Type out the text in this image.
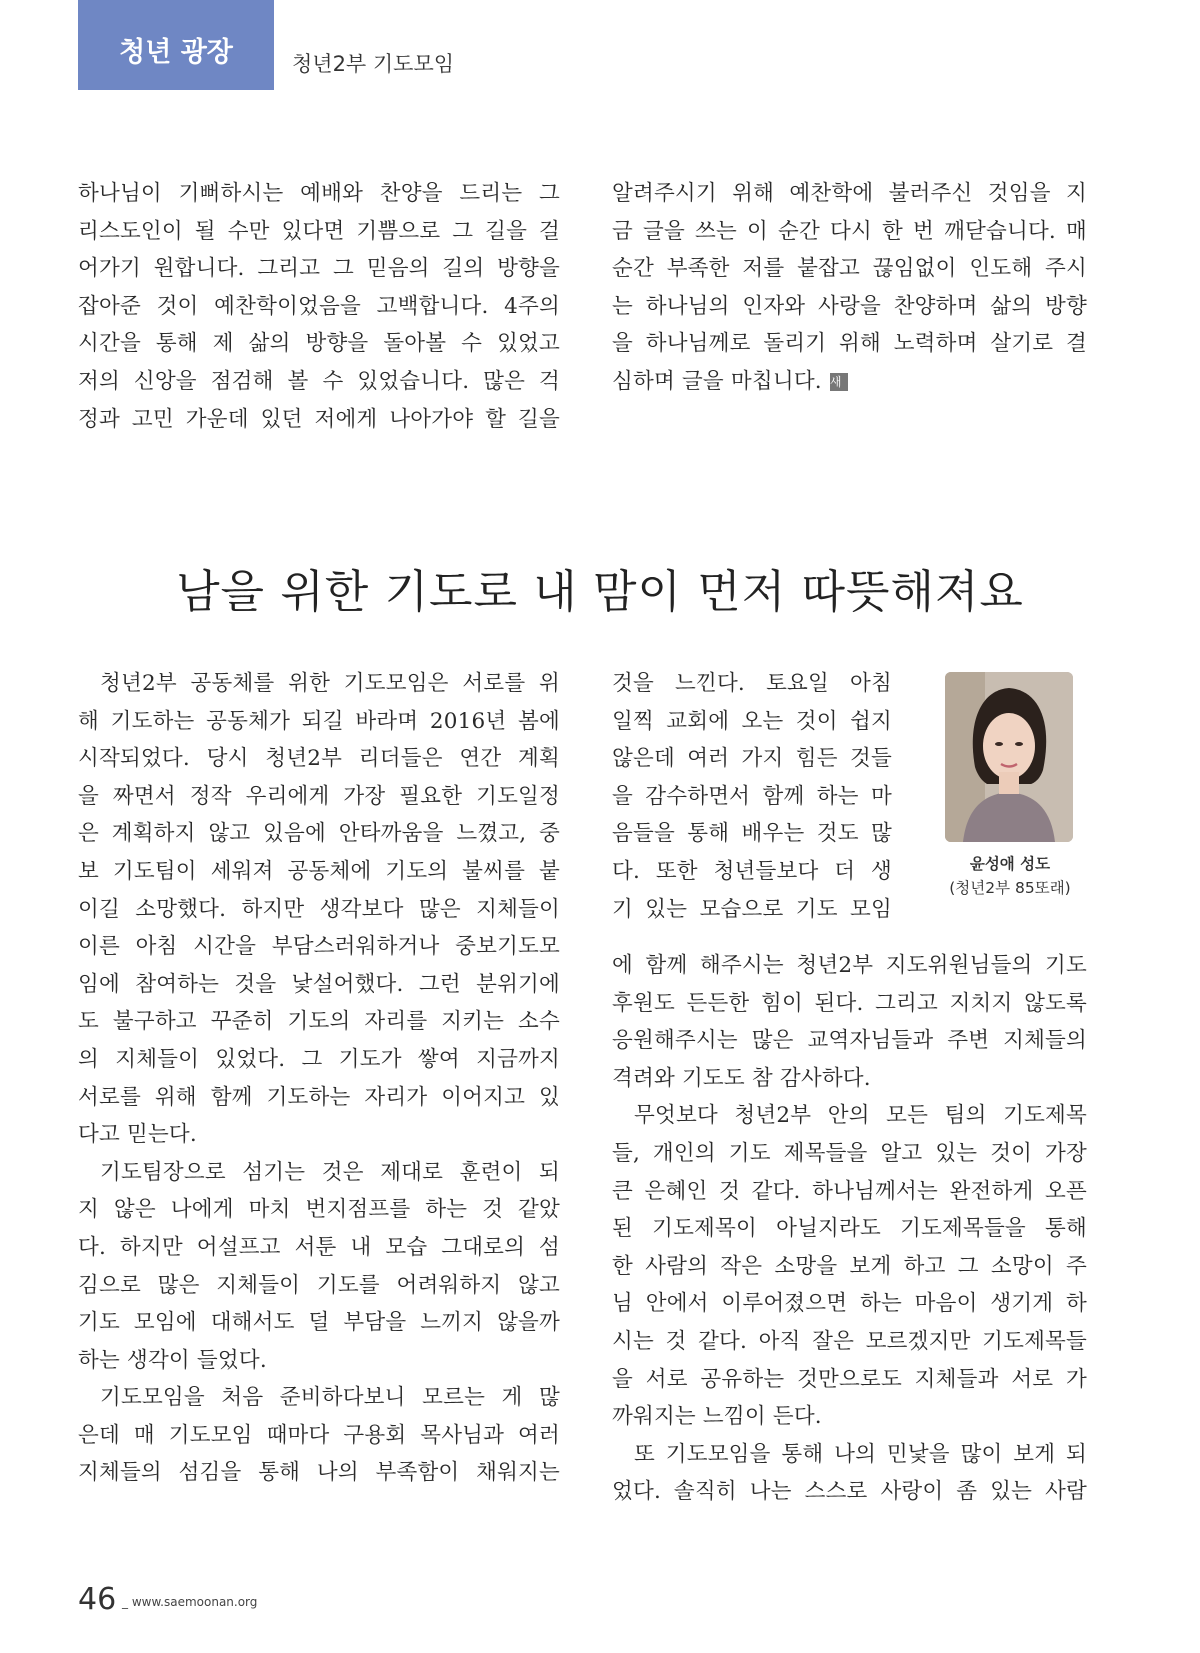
청년 광장	청년2부 기도모임
하나님이 기뻐하시는 예배와 찬양을 드리는 그
리스도인이 될 수만 있다면 기쁨으로 그 길을 걸
어가기 원합니다. 그리고 그 믿음의 길의 방향을
잡아준 것이 예찬학이었음을 고백합니다. 4주의
시간을 통해 제 삶의 방향을 돌아볼 수 있었고
저의 신앙을 점검해 볼 수 있었습니다. 많은 걱
정과 고민 가운데 있던 저에게 나아가야 할 길을
알려주시기 위해 예찬학에 불러주신 것임을 지
금 글을 쓰는 이 순간 다시 한 번 깨닫습니다. 매
순간 부족한 저를 붙잡고 끊임없이 인도해 주시
는 하나님의 인자와 사랑을 찬양하며 삶의 방향
을 하나님께로 돌리기 위해 노력하며 살기로 결
심하며 글을 마칩니다. 새
남을 위한 기도로 내 맘이 먼저 따뜻해져요
청년2부 공동체를 위한 기도모임은 서로를 위
해 기도하는 공동체가 되길 바라며 2016년 봄에
시작되었다. 당시 청년2부 리더들은 연간 계획
을 짜면서 정작 우리에게 가장 필요한 기도일정
은 계획하지 않고 있음에 안타까움을 느꼈고, 중
보 기도팀이 세워져 공동체에 기도의 불씨를 붙
이길 소망했다. 하지만 생각보다 많은 지체들이
이른 아침 시간을 부담스러워하거나 중보기도모
임에 참여하는 것을 낯설어했다. 그런 분위기에
도 불구하고 꾸준히 기도의 자리를 지키는 소수
의 지체들이 있었다. 그 기도가 쌓여 지금까지
서로를 위해 함께 기도하는 자리가 이어지고 있
다고 믿는다.
기도팀장으로 섬기는 것은 제대로 훈련이 되
지 않은 나에게 마치 번지점프를 하는 것 같았
다. 하지만 어설프고 서툰 내 모습 그대로의 섬
김으로 많은 지체들이 기도를 어려워하지 않고
기도 모임에 대해서도 덜 부담을 느끼지 않을까
하는 생각이 들었다.
기도모임을 처음 준비하다보니 모르는 게 많
은데 매 기도모임 때마다 구용회 목사님과 여러
지체들의 섬김을 통해 나의 부족함이 채워지는
것을 느낀다. 토요일 아침
일찍 교회에 오는 것이 쉽지
않은데 여러 가지 힘든 것들
을 감수하면서 함께 하는 마
음들을 통해 배우는 것도 많
다. 또한 청년들보다 더 생
기 있는 모습으로 기도 모임
윤성애 성도
(청년2부 85또래)
에 함께 해주시는 청년2부 지도위원님들의 기도
후원도 든든한 힘이 된다. 그리고 지치지 않도록
응원해주시는 많은 교역자님들과 주변 지체들의
격려와 기도도 참 감사하다.
무엇보다 청년2부 안의 모든 팀의 기도제목
들, 개인의 기도 제목들을 알고 있는 것이 가장
큰 은혜인 것 같다. 하나님께서는 완전하게 오픈
된 기도제목이 아닐지라도 기도제목들을 통해
한 사람의 작은 소망을 보게 하고 그 소망이 주
님 안에서 이루어졌으면 하는 마음이 생기게 하
시는 것 같다. 아직 잘은 모르겠지만 기도제목들
을 서로 공유하는 것만으로도 지체들과 서로 가
까워지는 느낌이 든다.
또 기도모임을 통해 나의 민낯을 많이 보게 되
었다. 솔직히 나는 스스로 사랑이 좀 있는 사람
46 _ www.saemoonan.org
